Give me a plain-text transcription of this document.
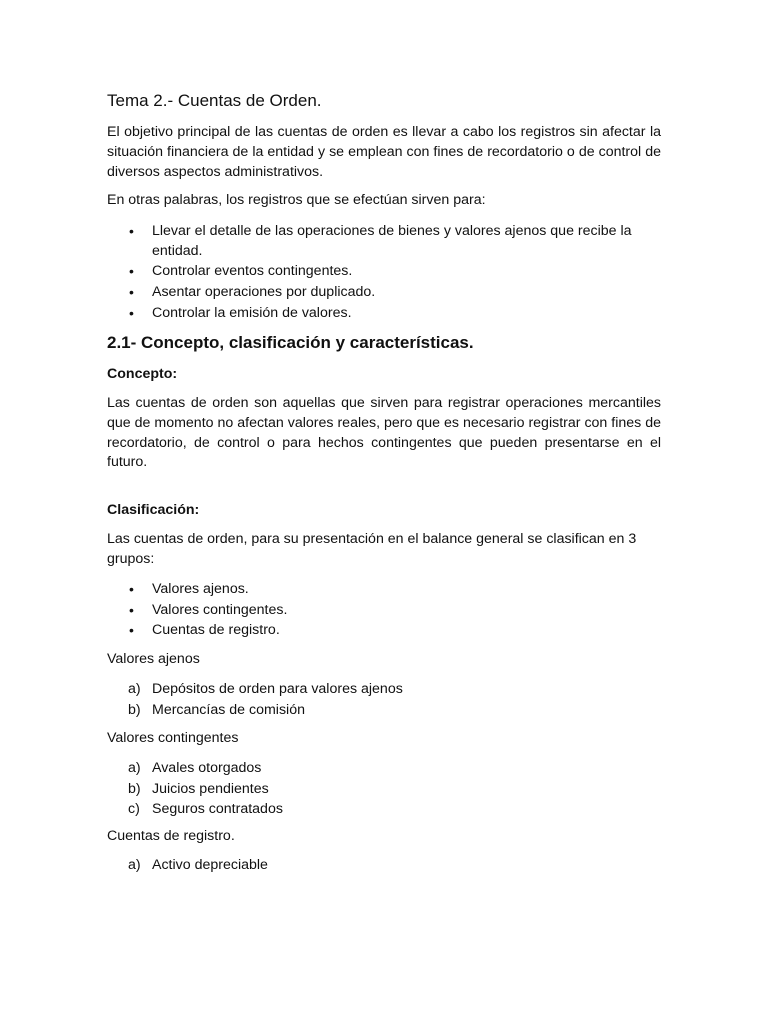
Tema 2.- Cuentas de Orden.

El objetivo principal de las cuentas de orden es llevar a cabo los registros sin afectar la situación financiera de la entidad y se emplean con fines de recordatorio o de control de diversos aspectos administrativos.

En otras palabras, los registros que se efectúan sirven para:

• Llevar el detalle de las operaciones de bienes y valores ajenos que recibe la entidad.
• Controlar eventos contingentes.
• Asentar operaciones por duplicado.
• Controlar la emisión de valores.
2.1- Concepto, clasificación y características.

Concepto:

Las cuentas de orden son aquellas que sirven para registrar operaciones mercantiles que de momento no afectan valores reales, pero que es necesario registrar con fines de recordatorio, de control o para hechos contingentes que pueden presentarse en el futuro.

Clasificación:

Las cuentas de orden, para su presentación en el balance general se clasifican en 3 grupos:

• Valores ajenos.
• Valores contingentes.
• Cuentas de registro.

Valores ajenos

a) Depósitos de orden para valores ajenos
b) Mercancías de comisión

Valores contingentes

a) Avales otorgados
b) Juicios pendientes
c) Seguros contratados

Cuentas de registro.

a) Activo depreciable
